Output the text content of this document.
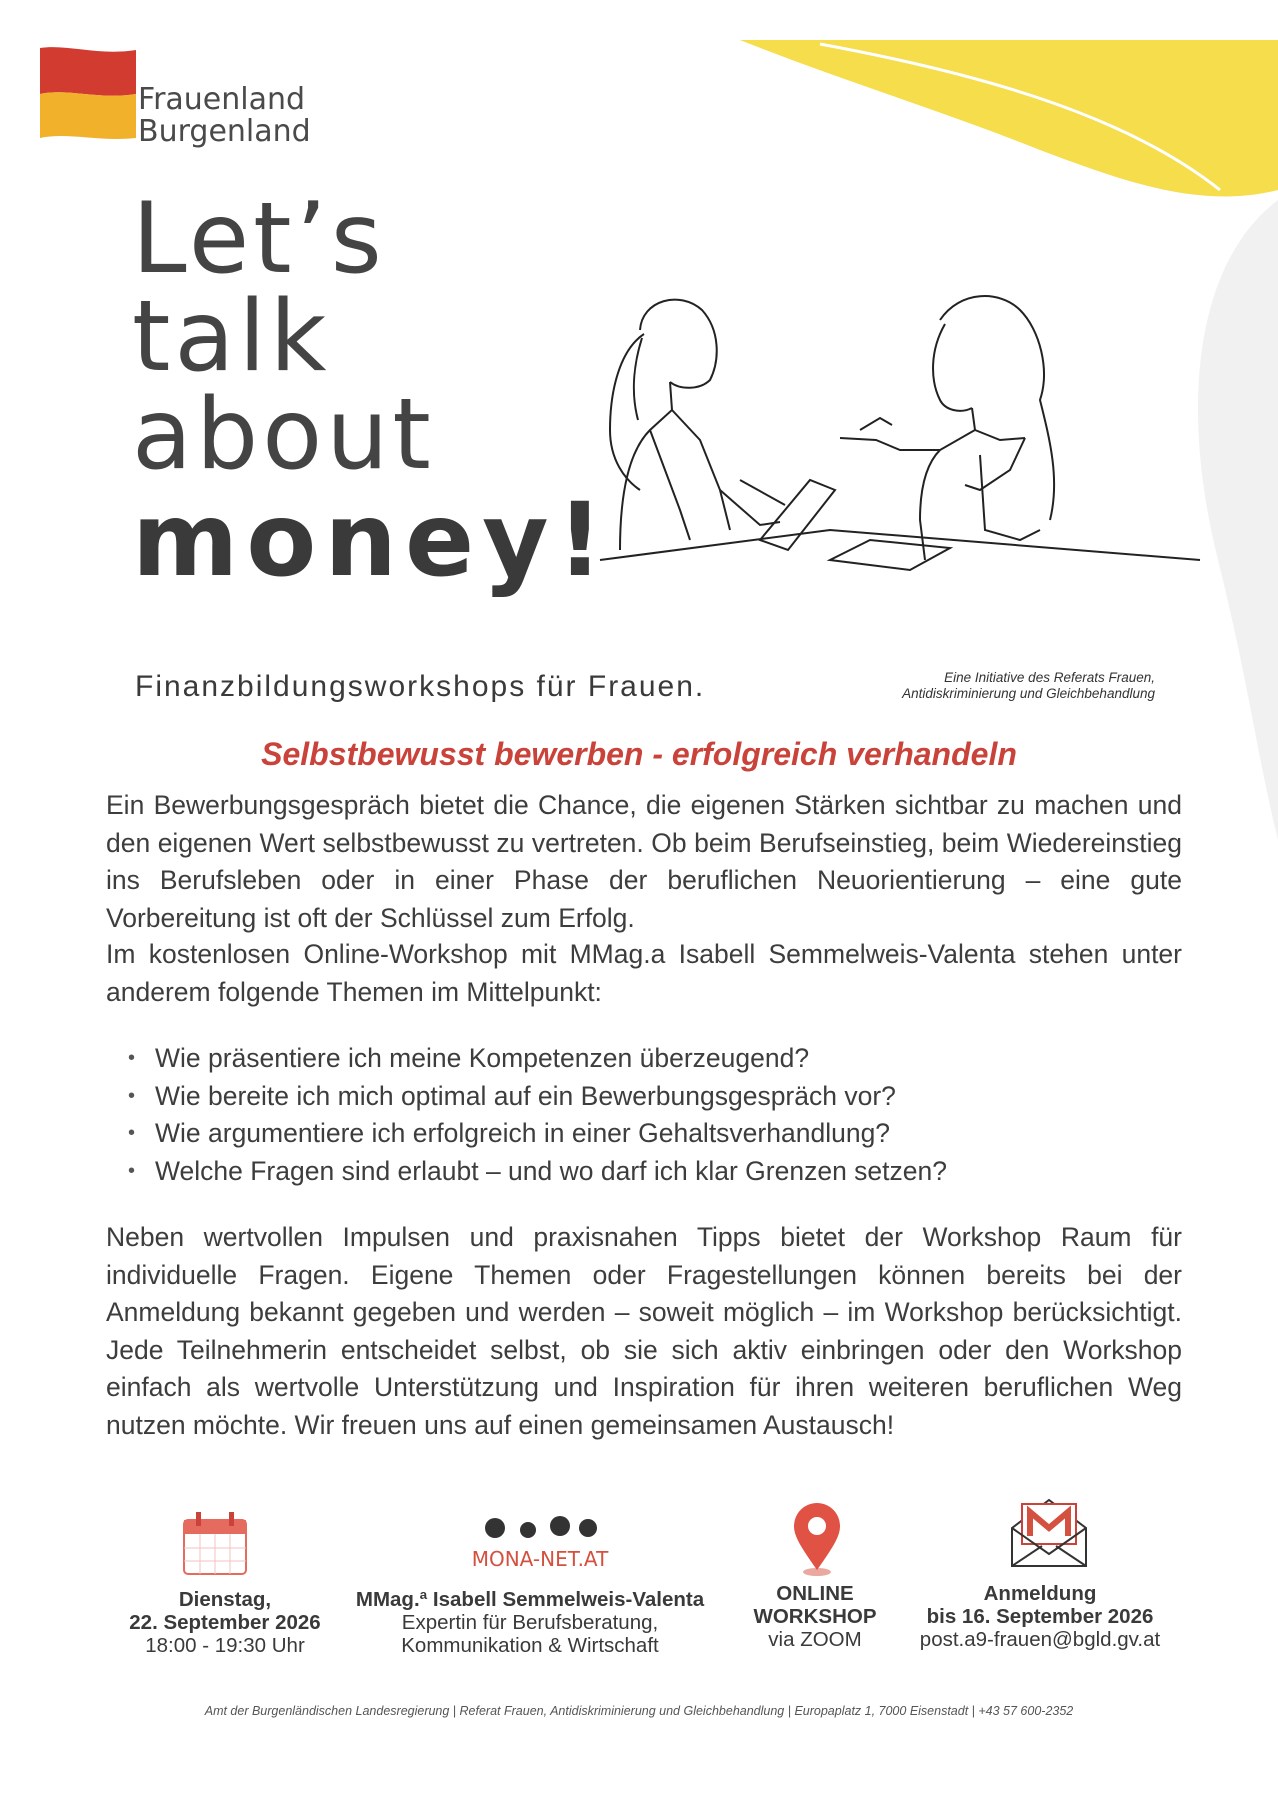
Frauenland
Burgenland
Let’s
talk
about
money!
Finanzbildungsworkshops für Frauen.	Eine Initiative des Referats Frauen,
Antidiskriminierung und Gleichbehandlung
Selbstbewusst bewerben - erfolgreich verhandeln
Ein Bewerbungsgespräch bietet die Chance, die eigenen Stärken sichtbar zu machen und den eigenen Wert selbstbewusst zu vertreten. Ob beim Berufseinstieg, beim Wiedereinstieg ins Berufsleben oder in einer Phase der beruflichen Neuorientierung – eine gute Vorbereitung ist oft der Schlüssel zum Erfolg.
Im kostenlosen Online-Workshop mit MMag.a Isabell Semmelweis-Valenta stehen unter anderem folgende Themen im Mittelpunkt:
• Wie präsentiere ich meine Kompetenzen überzeugend?
• Wie bereite ich mich optimal auf ein Bewerbungsgespräch vor?
• Wie argumentiere ich erfolgreich in einer Gehaltsverhandlung?
• Welche Fragen sind erlaubt – und wo darf ich klar Grenzen setzen?
Neben wertvollen Impulsen und praxisnahen Tipps bietet der Workshop Raum für individuelle Fragen. Eigene Themen oder Fragestellungen können bereits bei der Anmeldung bekannt gegeben und werden – soweit möglich – im Workshop berücksichtigt. Jede Teilnehmerin entscheidet selbst, ob sie sich aktiv einbringen oder den Workshop einfach als wertvolle Unterstützung und Inspiration für ihren weiteren beruflichen Weg nutzen möchte. Wir freuen uns auf einen gemeinsamen Austausch!
MONA-NET.AT
Dienstag,
22. September 2026
18:00 - 19:30 Uhr
MMag.ª Isabell Semmelweis-Valenta
Expertin für Berufsberatung,
Kommunikation & Wirtschaft
ONLINE
WORKSHOP
via ZOOM
Anmeldung
bis 16. September 2026
post.a9-frauen@bgld.gv.at
Amt der Burgenländischen Landesregierung | Referat Frauen, Antidiskriminierung und Gleichbehandlung | Europaplatz 1, 7000 Eisenstadt | +43 57 600-2352
